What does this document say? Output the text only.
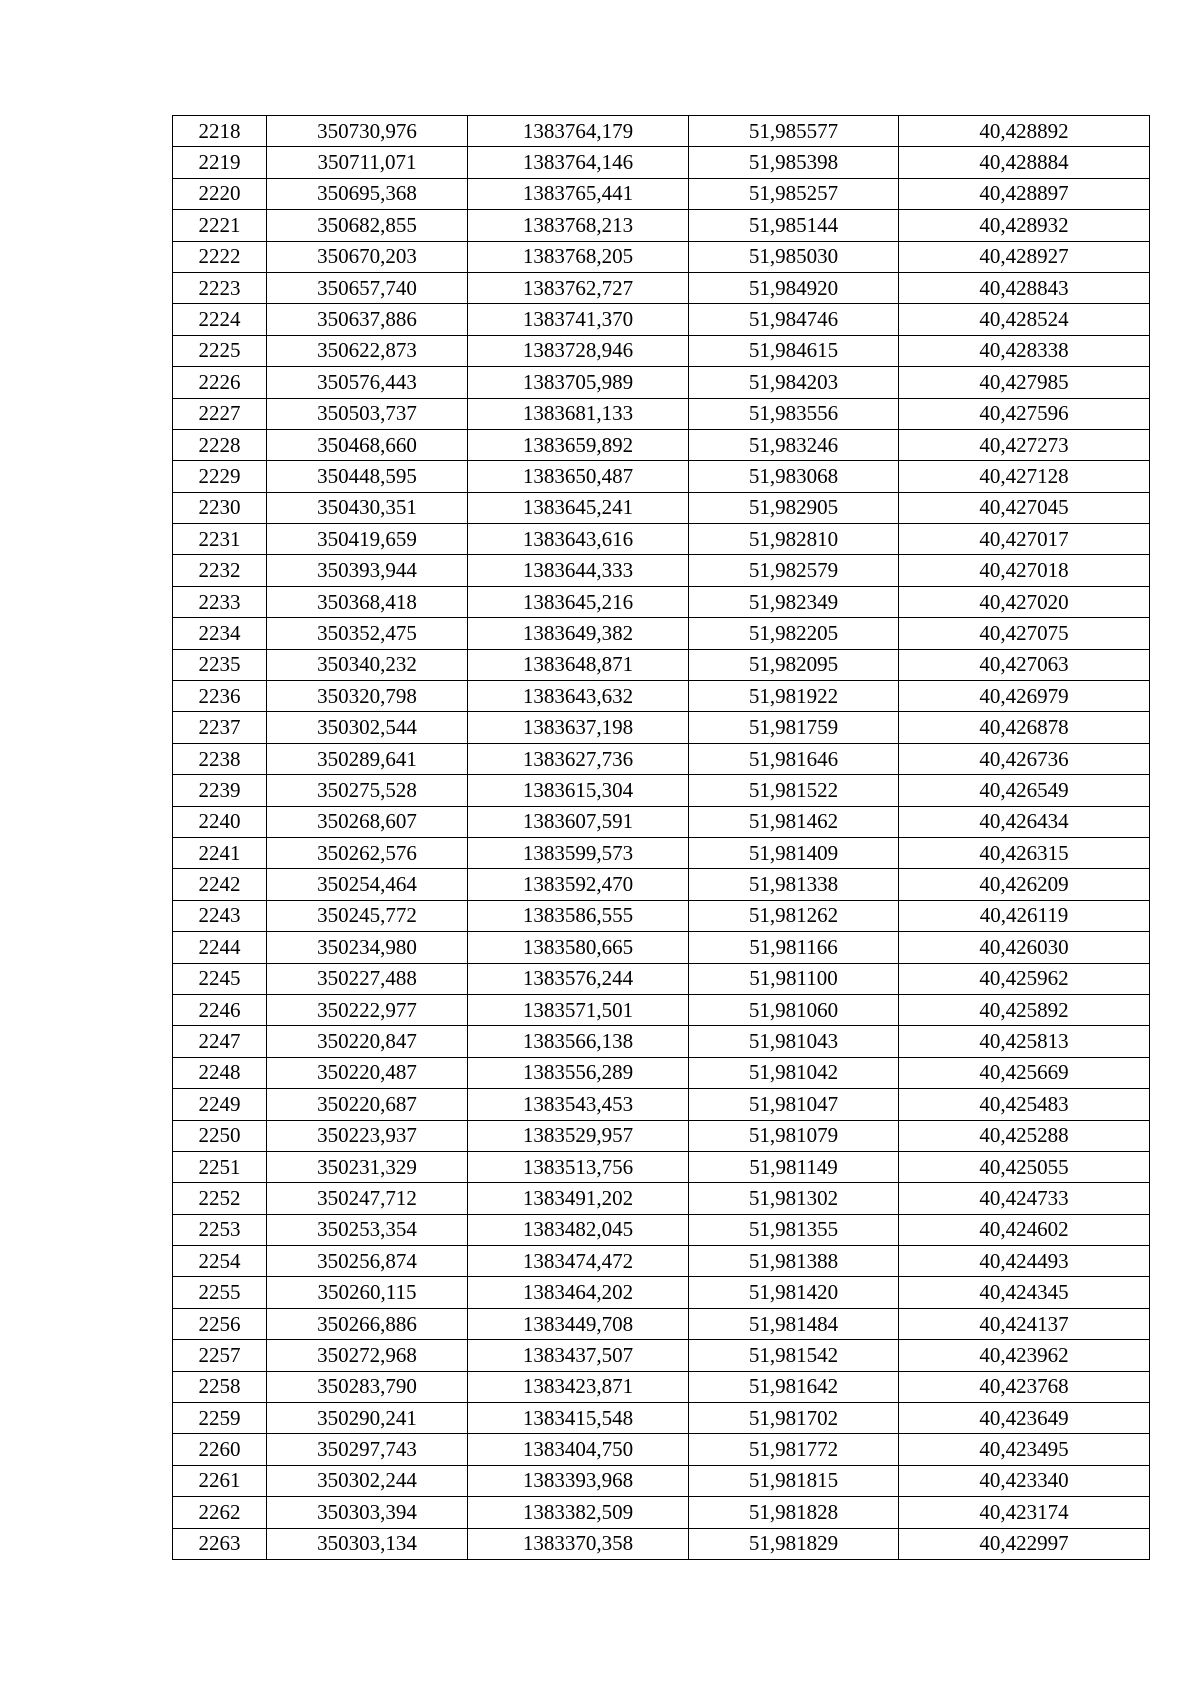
2218	350730,976	1383764,179	51,985577	40,428892
2219	350711,071	1383764,146	51,985398	40,428884
2220	350695,368	1383765,441	51,985257	40,428897
2221	350682,855	1383768,213	51,985144	40,428932
2222	350670,203	1383768,205	51,985030	40,428927
2223	350657,740	1383762,727	51,984920	40,428843
2224	350637,886	1383741,370	51,984746	40,428524
2225	350622,873	1383728,946	51,984615	40,428338
2226	350576,443	1383705,989	51,984203	40,427985
2227	350503,737	1383681,133	51,983556	40,427596
2228	350468,660	1383659,892	51,983246	40,427273
2229	350448,595	1383650,487	51,983068	40,427128
2230	350430,351	1383645,241	51,982905	40,427045
2231	350419,659	1383643,616	51,982810	40,427017
2232	350393,944	1383644,333	51,982579	40,427018
2233	350368,418	1383645,216	51,982349	40,427020
2234	350352,475	1383649,382	51,982205	40,427075
2235	350340,232	1383648,871	51,982095	40,427063
2236	350320,798	1383643,632	51,981922	40,426979
2237	350302,544	1383637,198	51,981759	40,426878
2238	350289,641	1383627,736	51,981646	40,426736
2239	350275,528	1383615,304	51,981522	40,426549
2240	350268,607	1383607,591	51,981462	40,426434
2241	350262,576	1383599,573	51,981409	40,426315
2242	350254,464	1383592,470	51,981338	40,426209
2243	350245,772	1383586,555	51,981262	40,426119
2244	350234,980	1383580,665	51,981166	40,426030
2245	350227,488	1383576,244	51,981100	40,425962
2246	350222,977	1383571,501	51,981060	40,425892
2247	350220,847	1383566,138	51,981043	40,425813
2248	350220,487	1383556,289	51,981042	40,425669
2249	350220,687	1383543,453	51,981047	40,425483
2250	350223,937	1383529,957	51,981079	40,425288
2251	350231,329	1383513,756	51,981149	40,425055
2252	350247,712	1383491,202	51,981302	40,424733
2253	350253,354	1383482,045	51,981355	40,424602
2254	350256,874	1383474,472	51,981388	40,424493
2255	350260,115	1383464,202	51,981420	40,424345
2256	350266,886	1383449,708	51,981484	40,424137
2257	350272,968	1383437,507	51,981542	40,423962
2258	350283,790	1383423,871	51,981642	40,423768
2259	350290,241	1383415,548	51,981702	40,423649
2260	350297,743	1383404,750	51,981772	40,423495
2261	350302,244	1383393,968	51,981815	40,423340
2262	350303,394	1383382,509	51,981828	40,423174
2263	350303,134	1383370,358	51,981829	40,422997
